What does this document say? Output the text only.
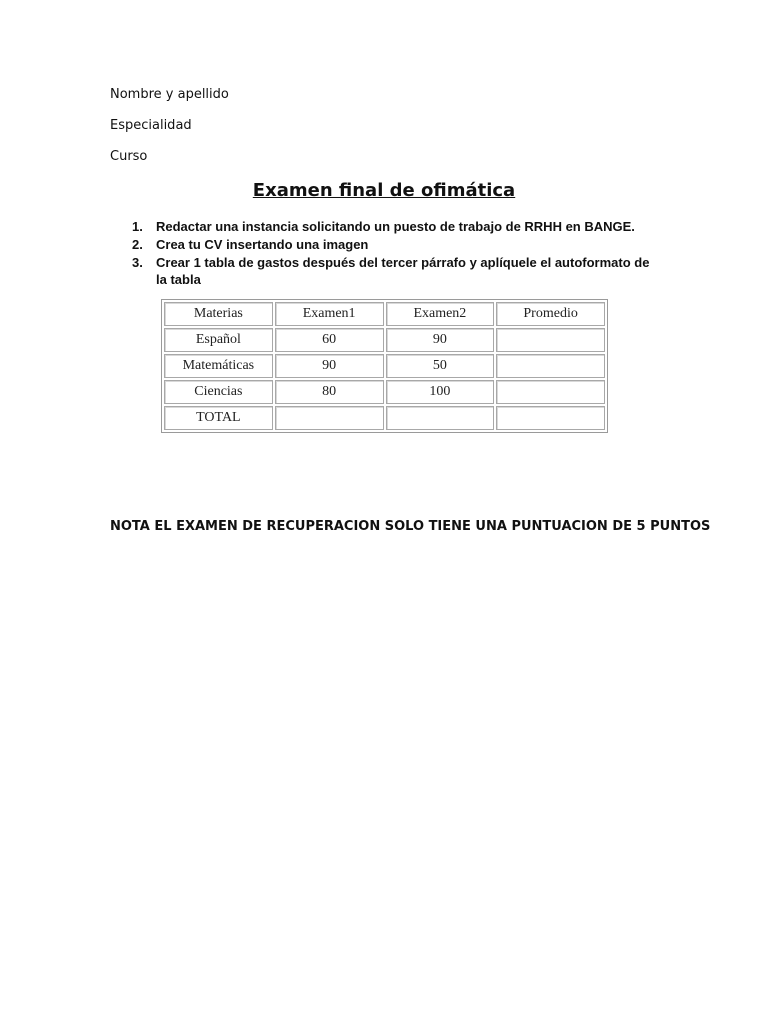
Nombre y apellido

Especialidad

Curso

Examen final de ofimática
1. Redactar una instancia solicitando un puesto de trabajo de RRHH en BANGE.
2. Crea tu CV insertando una imagen
3. Crear 1 tabla de gastos después del tercer párrafo y aplíquele el autoformato de la tabla
Materias	Examen1	Examen2	Promedio
Español	60	90	
Matemáticas	90	50	
Ciencias	80	100	
TOTAL			

NOTA EL EXAMEN DE RECUPERACION SOLO TIENE UNA PUNTUACION DE 5 PUNTOS
